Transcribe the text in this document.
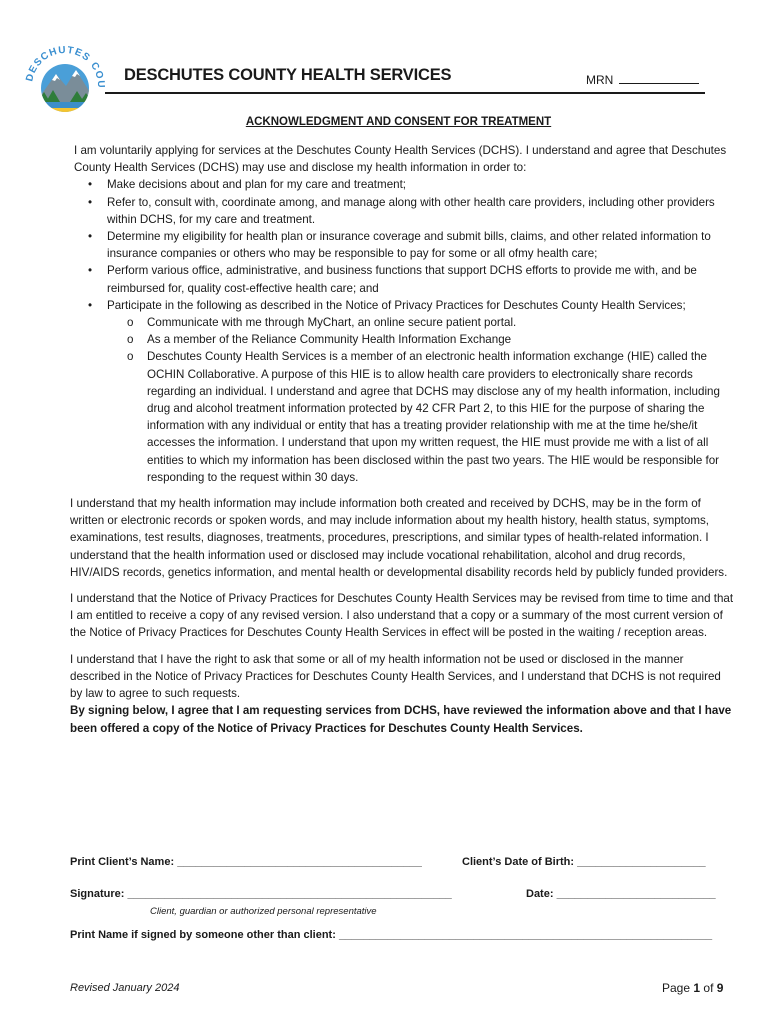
DESCHUTES COU
DESCHUTES COUNTY HEALTH SERVICES	MRN
ACKNOWLEDGMENT AND CONSENT FOR TREATMENT

I am voluntarily applying for services at the Deschutes County Health Services (DCHS). I understand and agree that Deschutes County Health Services (DCHS) may use and disclose my health information in order to:

• Make decisions about and plan for my care and treatment;
• Refer to, consult with, coordinate among, and manage along with other health care providers, including other providers within DCHS, for my care and treatment.
• Determine my eligibility for health plan or insurance coverage and submit bills, claims, and other related information to insurance companies or others who may be responsible to pay for some or all ofmy health care;
• Perform various office, administrative, and business functions that support DCHS efforts to provide me with, and be reimbursed for, quality cost-effective health care; and
• Participate in the following as described in the Notice of Privacy Practices for Deschutes County Health Services;
o Communicate with me through MyChart, an online secure patient portal.
o As a member of the Reliance Community Health Information Exchange
o Deschutes County Health Services is a member of an electronic health information exchange (HIE) called the OCHIN Collaborative. A purpose of this HIE is to allow health care providers to electronically share records regarding an individual. I understand and agree that DCHS may disclose any of my health information, including drug and alcohol treatment information protected by 42 CFR Part 2, to this HIE for the purpose of sharing the information with any individual or entity that has a treating provider relationship with me at the time he/she/it accesses the information. I understand that upon my written request, the HIE must provide me with a list of all entities to which my information has been disclosed within the past two years. The HIE would be responsible for responding to the request within 30 days.

I understand that my health information may include information both created and received by DCHS, may be in the form of written or electronic records or spoken words, and may include information about my health history, health status, symptoms, examinations, test results, diagnoses, treatments, procedures, prescriptions, and similar types of health-related information. I understand that the health information used or disclosed may include vocational rehabilitation, alcohol and drug records, HIV/AIDS records, genetics information, and mental health or developmental disability records held by publicly funded providers.

I understand that the Notice of Privacy Practices for Deschutes County Health Services may be revised from time to time and that I am entitled to receive a copy of any revised version. I also understand that a copy or a summary of the most current version of the Notice of Privacy Practices for Deschutes County Health Services in effect will be posted in the waiting / reception areas.

I understand that I have the right to ask that some or all of my health information not be used or disclosed in the manner described in the Notice of Privacy Practices for Deschutes County Health Services, and I understand that DCHS is not required by law to agree to such requests.

By signing below, I agree that I am requesting services from DCHS, have reviewed the information above and that I have been offered a copy of the Notice of Privacy Practices for Deschutes County Health Services.

Print Client’s Name: ________________________________________	Client’s Date of Birth: _____________________
Signature: _____________________________________________________	Date: __________________________
Client, guardian or authorized personal representative
Print Name if signed by someone other than client: _____________________________________________________________
Revised January 2024	Page 1 of 9
